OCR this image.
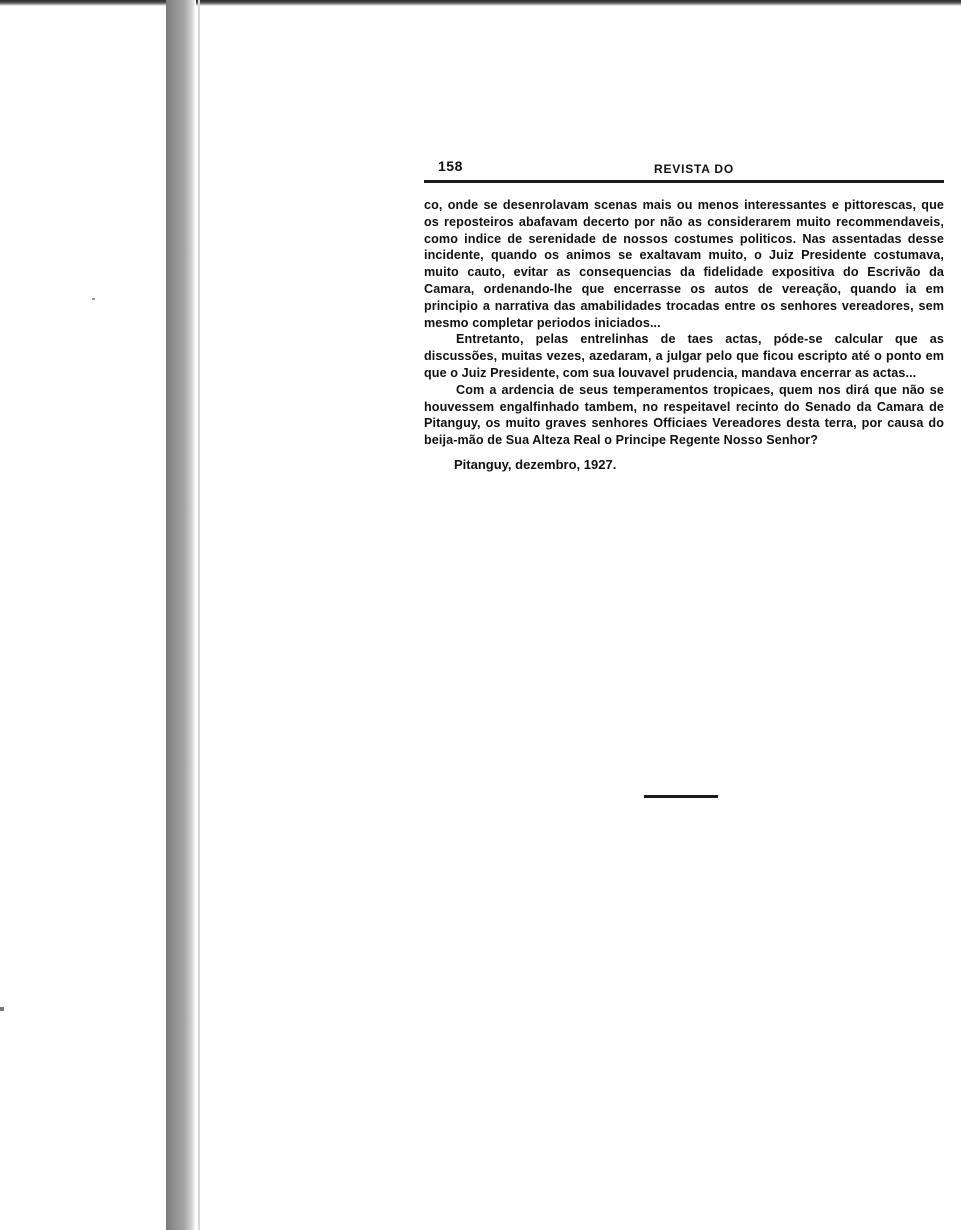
158	REVISTA DO

co, onde se desenrolavam scenas mais ou menos interessantes e pittorescas, que os reposteiros abafavam decerto por não as considerarem muito recommendaveis, como indice de serenidade de nossos costumes politicos. Nas assentadas desse incidente, quando os animos se exaltavam muito, o Juiz Presidente costumava, muito cauto, evitar as consequencias da fidelidade expositiva do Escrivão da Camara, ordenando-lhe que encerrasse os autos de vereação, quando ia em principio a narrativa das amabilidades trocadas entre os senhores vereadores, sem mesmo completar periodos iniciados...

Entretanto, pelas entrelinhas de taes actas, póde-se calcular que as discussões, muitas vezes, azedaram, a julgar pelo que ficou escripto até o ponto em que o Juiz Presidente, com sua louvavel prudencia, mandava encerrar as actas...

Com a ardencia de seus temperamentos tropicaes, quem nos dirá que não se houvessem engalfinhado tambem, no respeitavel recinto do Senado da Camara de Pitanguy, os muito graves senhores Officiaes Vereadores desta terra, por causa do beija-mão de Sua Alteza Real o Principe Regente Nosso Senhor?

Pitanguy, dezembro, 1927.
